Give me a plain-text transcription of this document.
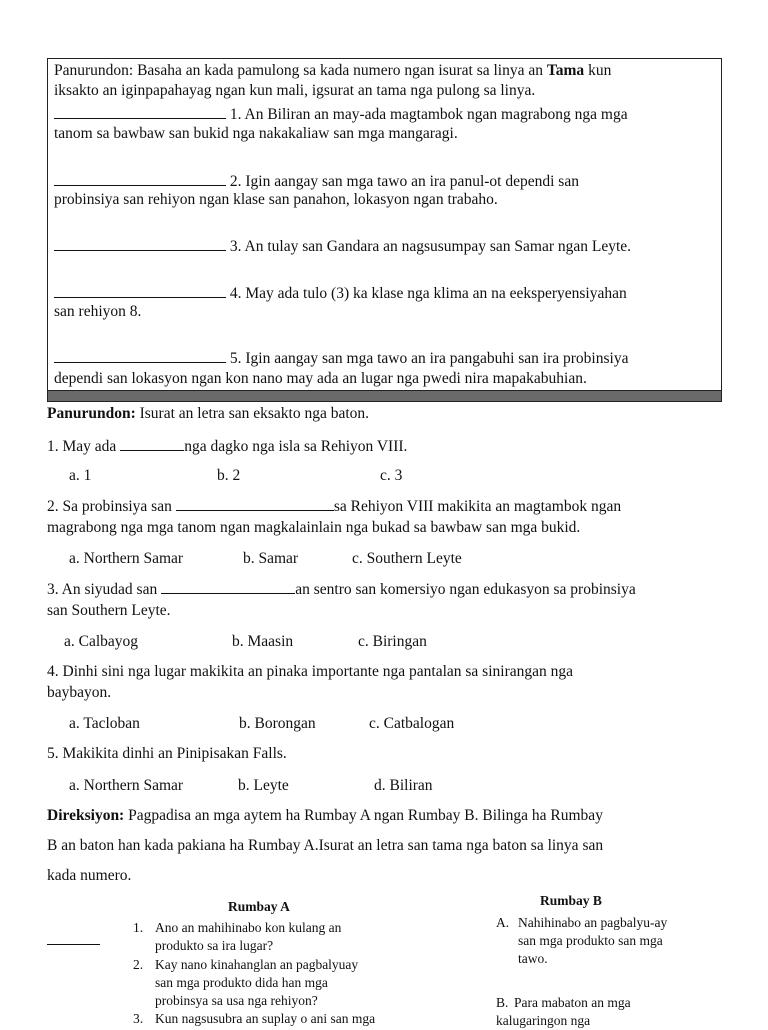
Panurundon: Basaha an kada pamulong sa kada numero ngan isurat sa linya an Tama kun
iksakto an iginpapahayag ngan kun mali, igsurat an tama nga pulong sa linya.
1. An Biliran an may-ada magtambok ngan magrabong nga mga
tanom sa bawbaw san bukid nga nakakaliaw san mga mangaragi.
2. Igin aangay san mga tawo an ira panul-ot dependi san
probinsiya san rehiyon ngan klase san panahon, lokasyon ngan trabaho.
3. An tulay san Gandara an nagsusumpay san Samar ngan Leyte.
4. May ada tulo (3) ka klase nga klima an na eeksperyensiyahan
san rehiyon 8.
5. Igin aangay san mga tawo an ira pangabuhi san ira probinsiya
dependi san lokasyon ngan kon nano may ada an lugar nga pwedi nira mapakabuhian.
Panurundon: Isurat an letra san eksakto nga baton.
1. May ada	nga dagko nga isla sa Rehiyon VIII.
a. 1	b. 2	c. 3
2. Sa probinsiya san	sa Rehiyon VIII makikita an magtambok ngan
magrabong nga mga tanom ngan magkalainlain nga bukad sa bawbaw san mga bukid.
a. Northern Samar	b. Samar	c. Southern Leyte
3. An siyudad san	an sentro san komersiyo ngan edukasyon sa probinsiya
san Southern Leyte.
a. Calbayog	b. Maasin	c. Biringan
4. Dinhi sini nga lugar makikita an pinaka importante nga pantalan sa sinirangan nga
baybayon.
a. Tacloban	b. Borongan	c. Catbalogan
5. Makikita dinhi an Pinipisakan Falls.
a. Northern Samar	b. Leyte	d. Biliran
Direksiyon: Pagpadisa an mga aytem ha Rumbay A ngan Rumbay B. Bilinga ha Rumbay
B an baton han kada pakiana ha Rumbay A.Isurat an letra san tama nga baton sa linya san
kada numero.
Rumbay A
1. Ano an mahihinabo kon kulang an
produkto sa ira lugar?
2. Kay nano kinahanglan an pagbalyuay
san mga produkto dida han mga
probinsya sa usa nga rehiyon?
3. Kun nagsusubra an suplay o ani san mga
Rumbay B
A. Nahihinabo an pagbalyu-ay
san mga produkto san mga
tawo.
B. Para mabaton an mga
kalugaringon nga
